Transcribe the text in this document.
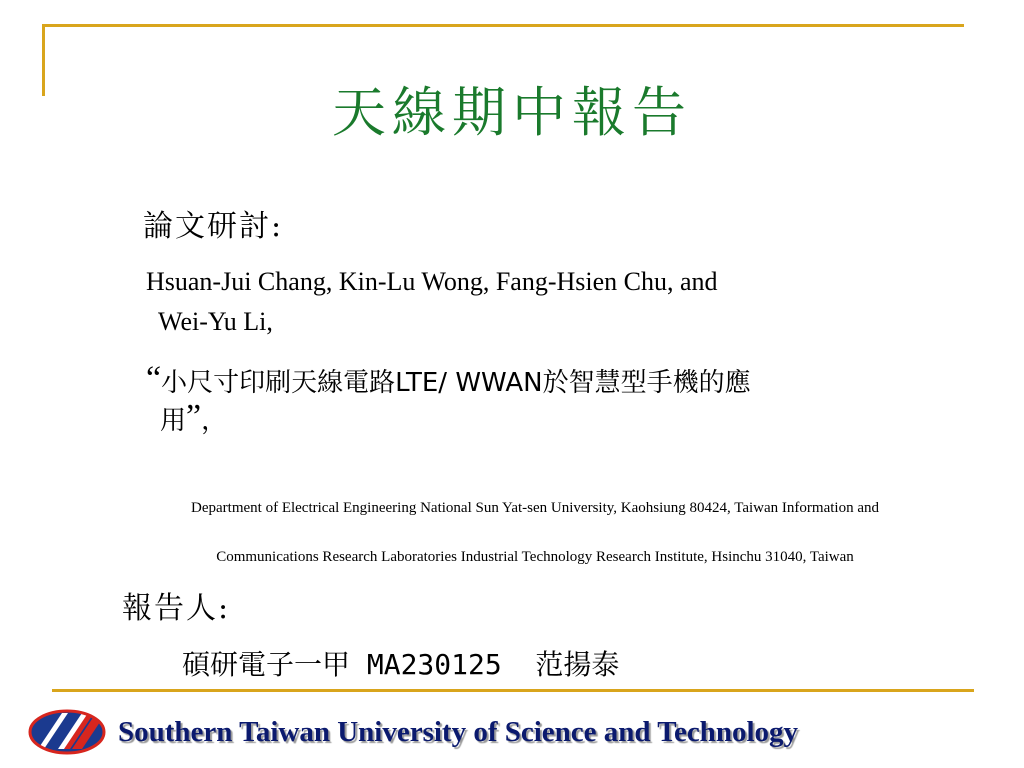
天線期中報告
論文研討:
Hsuan-Jui Chang, Kin-Lu Wong, Fang-Hsien Chu, and
Wei-Yu Li,
“小尺寸印刷天線電路LTE/ WWAN於智慧型手機的應
用”，
Department of Electrical Engineering National Sun Yat-sen University, Kaohsiung 80424, Taiwan Information and
Communications Research Laboratories Industrial Technology Research Institute, Hsinchu 31040, Taiwan
報告人:
碩研電子一甲 MA230125  范揚泰
Southern Taiwan University of Science and Technology
